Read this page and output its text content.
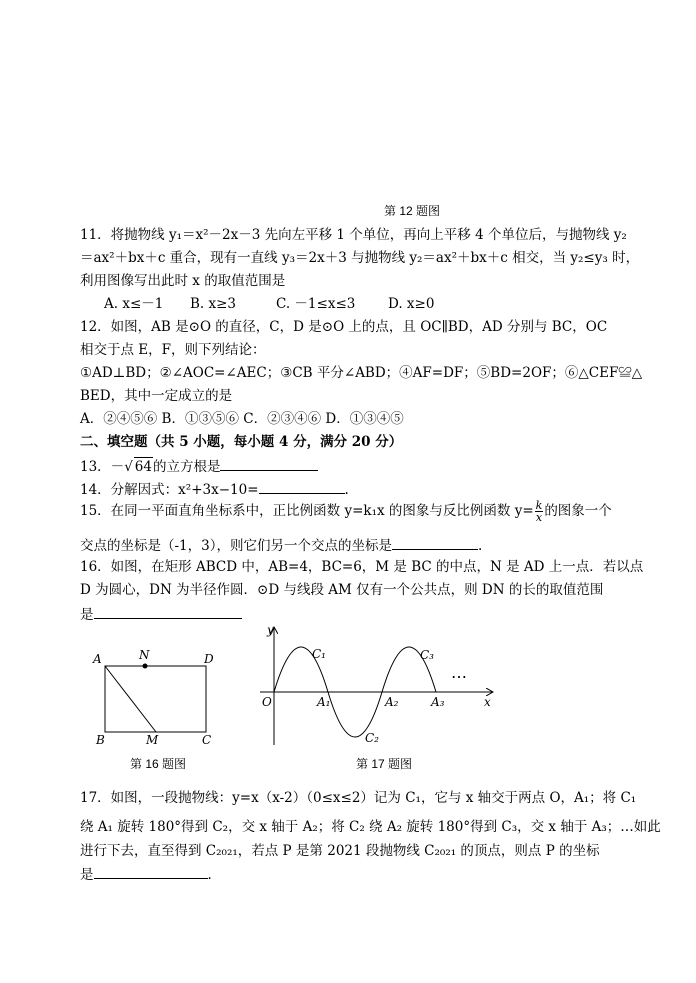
第 12 题图
11．将抛物线 y₁＝x²－2x－3 先向左平移 1 个单位，再向上平移 4 个单位后，与抛物线 y₂
＝ax²＋bx＋c 重合，现有一直线 y₃＝2x＋3 与抛物线 y₂＝ax²＋bx＋c 相交，当 y₂≤y₃ 时，
利用图像写出此时 x 的取值范围是
A. x≤－1 B. x≥3	C. －1≤x≤3 D. x≥0
12．如图，AB 是⊙O 的直径，C，D 是⊙O 上的点，且 OC∥BD，AD 分别与 BC，OC
相交于点 E，F，则下列结论：
①AD⊥BD；②∠AOC=∠AEC；③CB 平分∠ABD；④AF=DF；⑤BD=2OF；⑥△CEF≌△
BED，其中一定成立的是
A．②④⑤⑥ B．①③⑤⑥ C．②③④⑥ D．①③④⑤
二、填空题（共 5 小题，每小题 4 分，满分 20 分）
13．－√ 64的立方根是
14．分解因式：x²+3x−10=	.
15．在同一平面直角坐标系中，正比例函数 y=k₁x 的图象与反比例函数 $y= \frac{k}{x}$ 的图象一个
交点的坐标是（-1，3），则它们另一个交点的坐标是	.
16．如图，在矩形 ABCD 中，AB=4，BC=6，M 是 BC 的中点，N 是 AD 上一点．若以点
D 为圆心，DN 为半径作圆．⊙D 与线段 AM 仅有一个公共点，则 DN 的长的取值范围
是
A	N	D
B	M	C
第 16 题图
y
x
O	A₁	A₂	A₃
C₁
C₂
C₃
…
第 17 题图
17．如图，一段抛物线：y=x（x-2）（0≤x≤2）记为 C₁，它与 x 轴交于两点 O，A₁；将 C₁
绕 A₁ 旋转 180°得到 C₂，交 x 轴于 A₂；将 C₂ 绕 A₂ 旋转 180°得到 C₃，交 x 轴于 A₃；…如此
进行下去，直至得到 C₂₀₂₁，若点 P 是第 2021 段抛物线 C₂₀₂₁ 的顶点，则点 P 的坐标
是	.
